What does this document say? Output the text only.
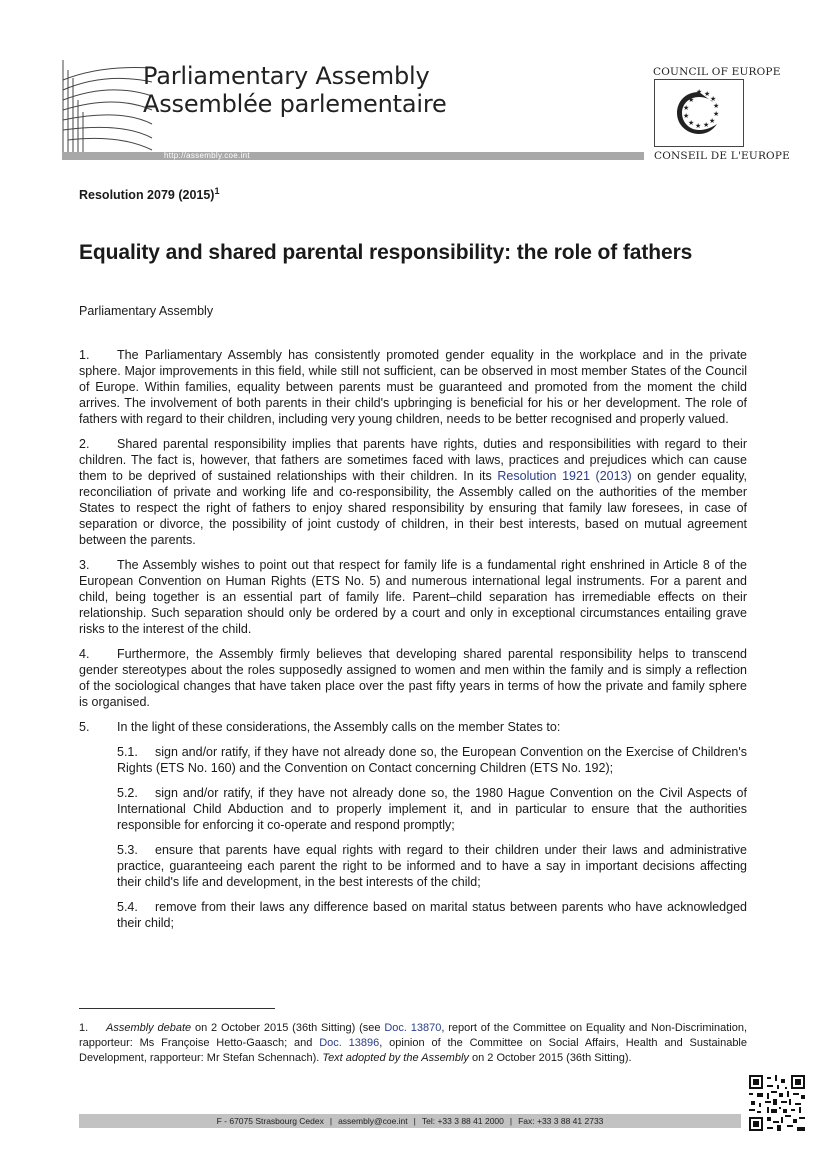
Parliamentary Assembly
Assemblée parlementaire
http://assembly.coe.int
COUNCIL OF EUROPE
★ ★
★
★
★
★
★
★
★
★
★
★
CONSEIL DE L'EUROPE
Resolution 2079 $(2015)^1$
Equality and shared parental responsibility: the role of fathers
Parliamentary Assembly

1. The Parliamentary Assembly has consistently promoted gender equality in the workplace and in the private sphere. Major improvements in this field, while still not sufficient, can be observed in most member States of the Council of Europe. Within families, equality between parents must be guaranteed and promoted from the moment the child arrives. The involvement of both parents in their child's upbringing is beneficial for his or her development. The role of fathers with regard to their children, including very young children, needs to be better recognised and properly valued.

2. Shared parental responsibility implies that parents have rights, duties and responsibilities with regard to their children. The fact is, however, that fathers are sometimes faced with laws, practices and prejudices which can cause them to be deprived of sustained relationships with their children. In its Resolution 1921 (2013) on gender equality, reconciliation of private and working life and co-responsibility, the Assembly called on the authorities of the member States to respect the right of fathers to enjoy shared responsibility by ensuring that family law foresees, in case of separation or divorce, the possibility of joint custody of children, in their best interests, based on mutual agreement between the parents.

3. The Assembly wishes to point out that respect for family life is a fundamental right enshrined in Article 8 of the European Convention on Human Rights (ETS No. 5) and numerous international legal instruments. For a parent and child, being together is an essential part of family life. Parent–child separation has irremediable effects on their relationship. Such separation should only be ordered by a court and only in exceptional circumstances entailing grave risks to the interest of the child.

4. Furthermore, the Assembly firmly believes that developing shared parental responsibility helps to transcend gender stereotypes about the roles supposedly assigned to women and men within the family and is simply a reflection of the sociological changes that have taken place over the past fifty years in terms of how the private and family sphere is organised.

5. In the light of these considerations, the Assembly calls on the member States to:

5.1. sign and/or ratify, if they have not already done so, the European Convention on the Exercise of Children's Rights (ETS No. 160) and the Convention on Contact concerning Children (ETS No. 192);

5.2. sign and/or ratify, if they have not already done so, the 1980 Hague Convention on the Civil Aspects of International Child Abduction and to properly implement it, and in particular to ensure that the authorities responsible for enforcing it co-operate and respond promptly;

5.3. ensure that parents have equal rights with regard to their children under their laws and administrative practice, guaranteeing each parent the right to be informed and to have a say in important decisions affecting their child's life and development, in the best interests of the child;

5.4. remove from their laws any difference based on marital status between parents who have acknowledged their child;

1. Assembly debate on 2 October 2015 (36th Sitting) (see Doc. 13870, report of the Committee on Equality and Non-Discrimination, rapporteur: Ms Françoise Hetto-Gaasch; and Doc. 13896, opinion of the Committee on Social Affairs, Health and Sustainable Development, rapporteur: Mr Stefan Schennach). Text adopted by the Assembly on 2 October 2015 (36th Sitting).
F - 67075 Strasbourg Cedex | assembly@coe.int | Tel: +33 3 88 41 2000 | Fax: +33 3 88 41 2733
